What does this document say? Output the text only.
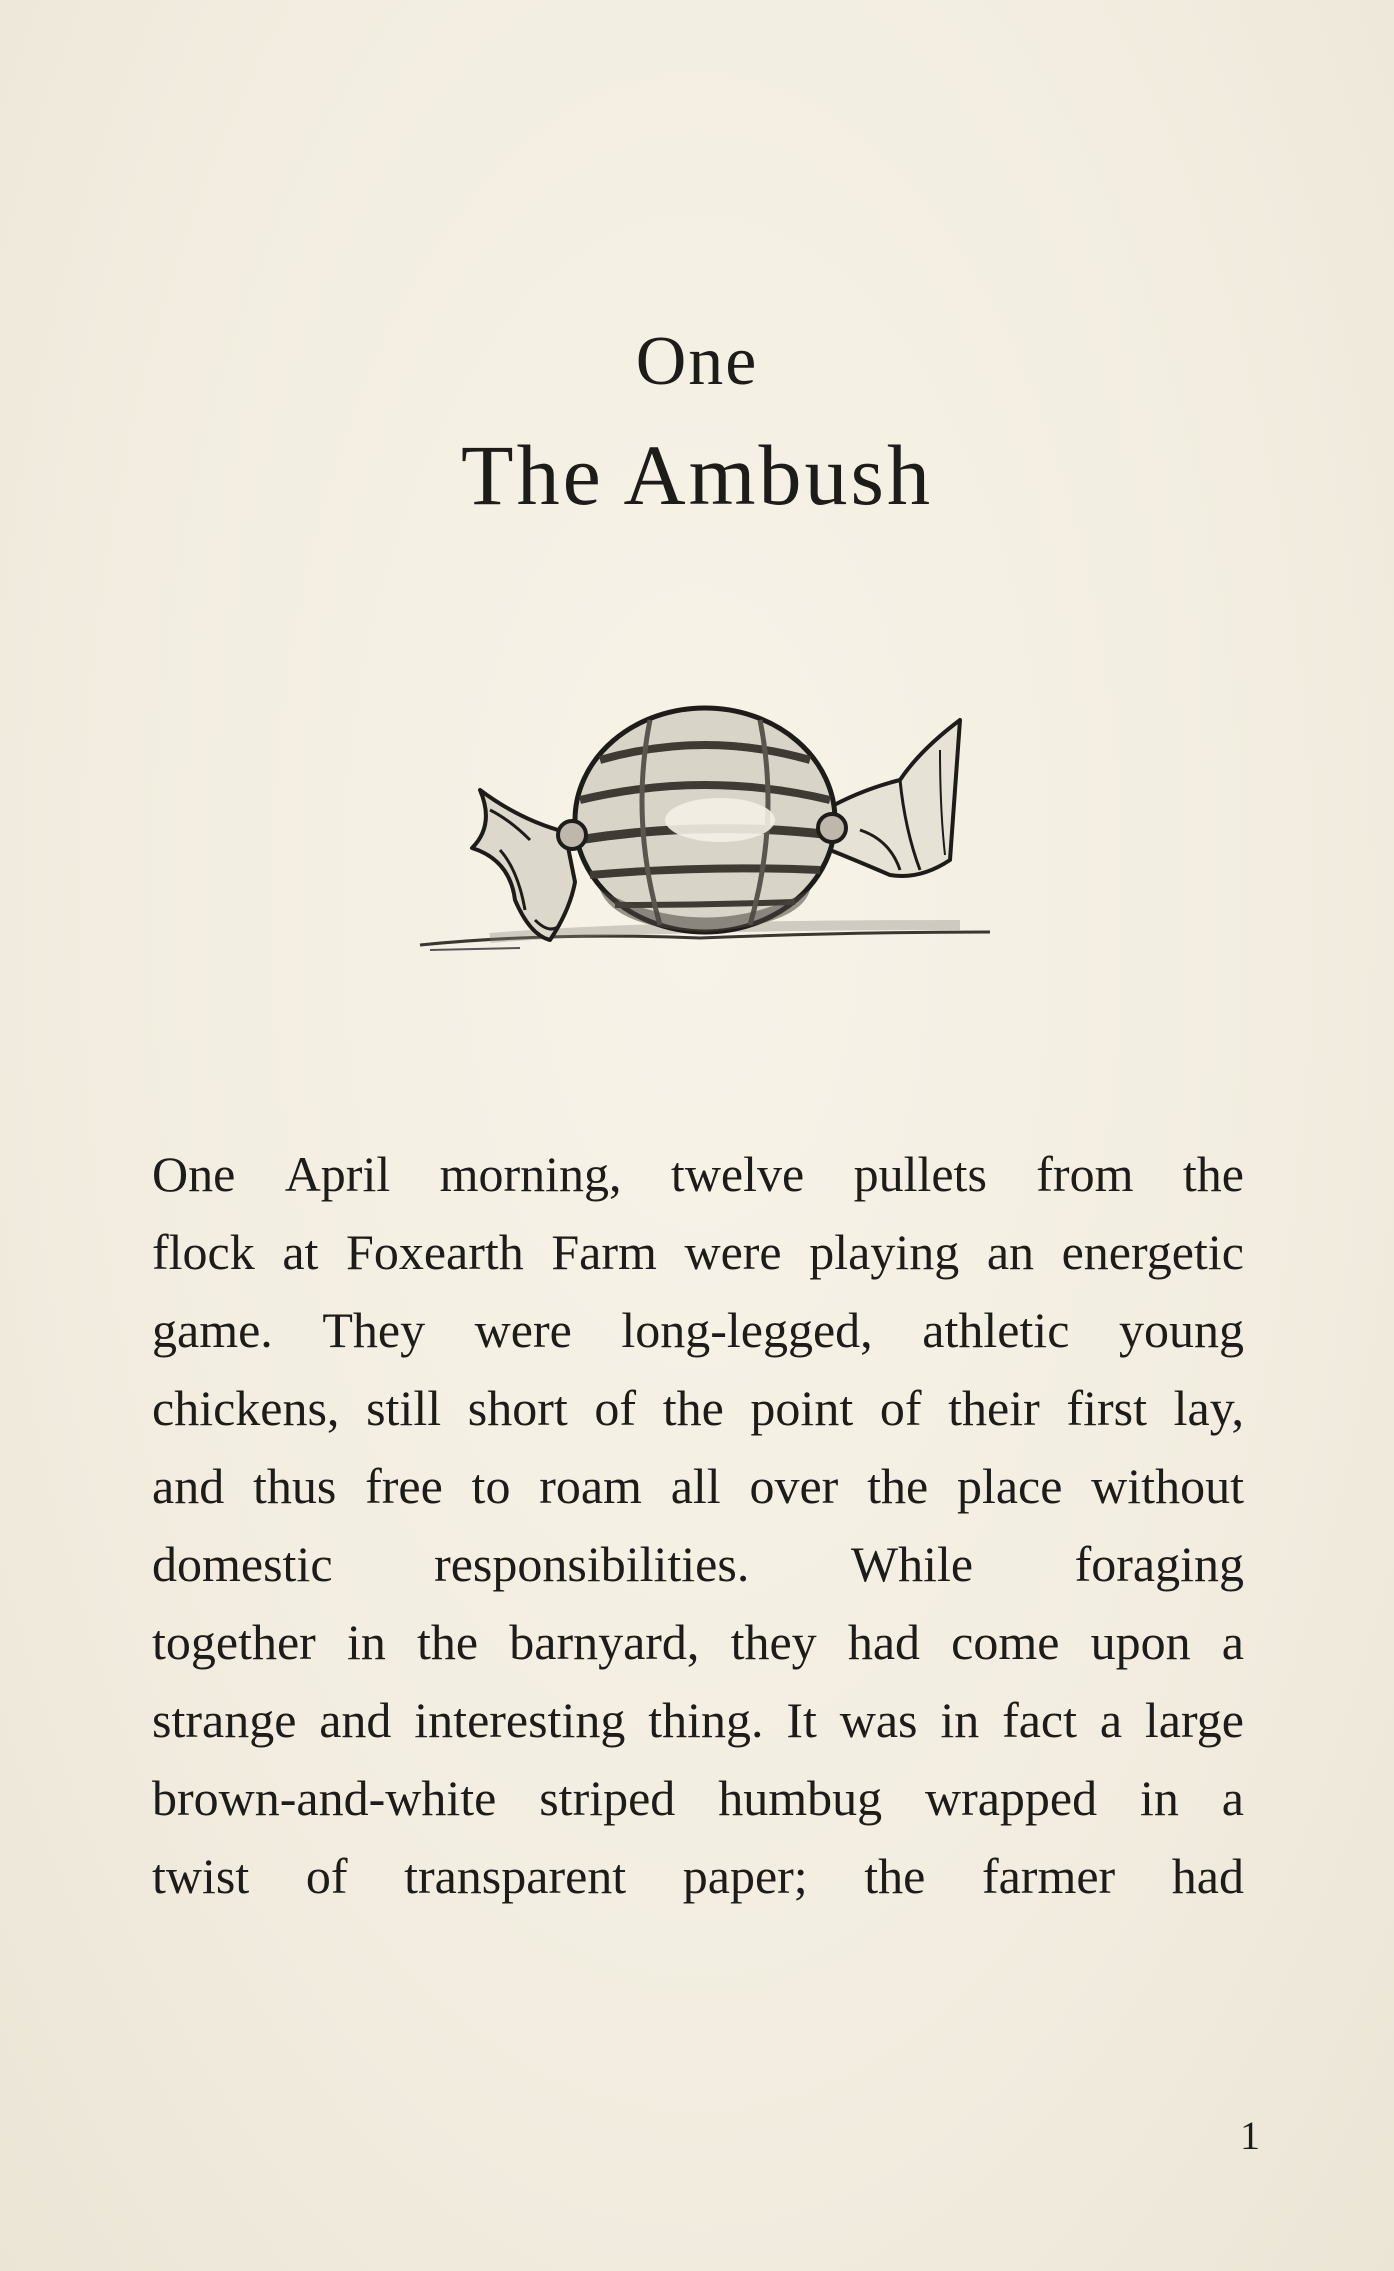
One
The Ambush
One April morning, twelve pullets from the
flock at Foxearth Farm were playing an energetic
game. They were long-legged, athletic young
chickens, still short of the point of their first lay,
and thus free to roam all over the place without
domestic responsibilities. While foraging
together in the barnyard, they had come upon a
strange and interesting thing. It was in fact a large
brown-and-white striped humbug wrapped in a
twist of transparent paper; the farmer had
1
